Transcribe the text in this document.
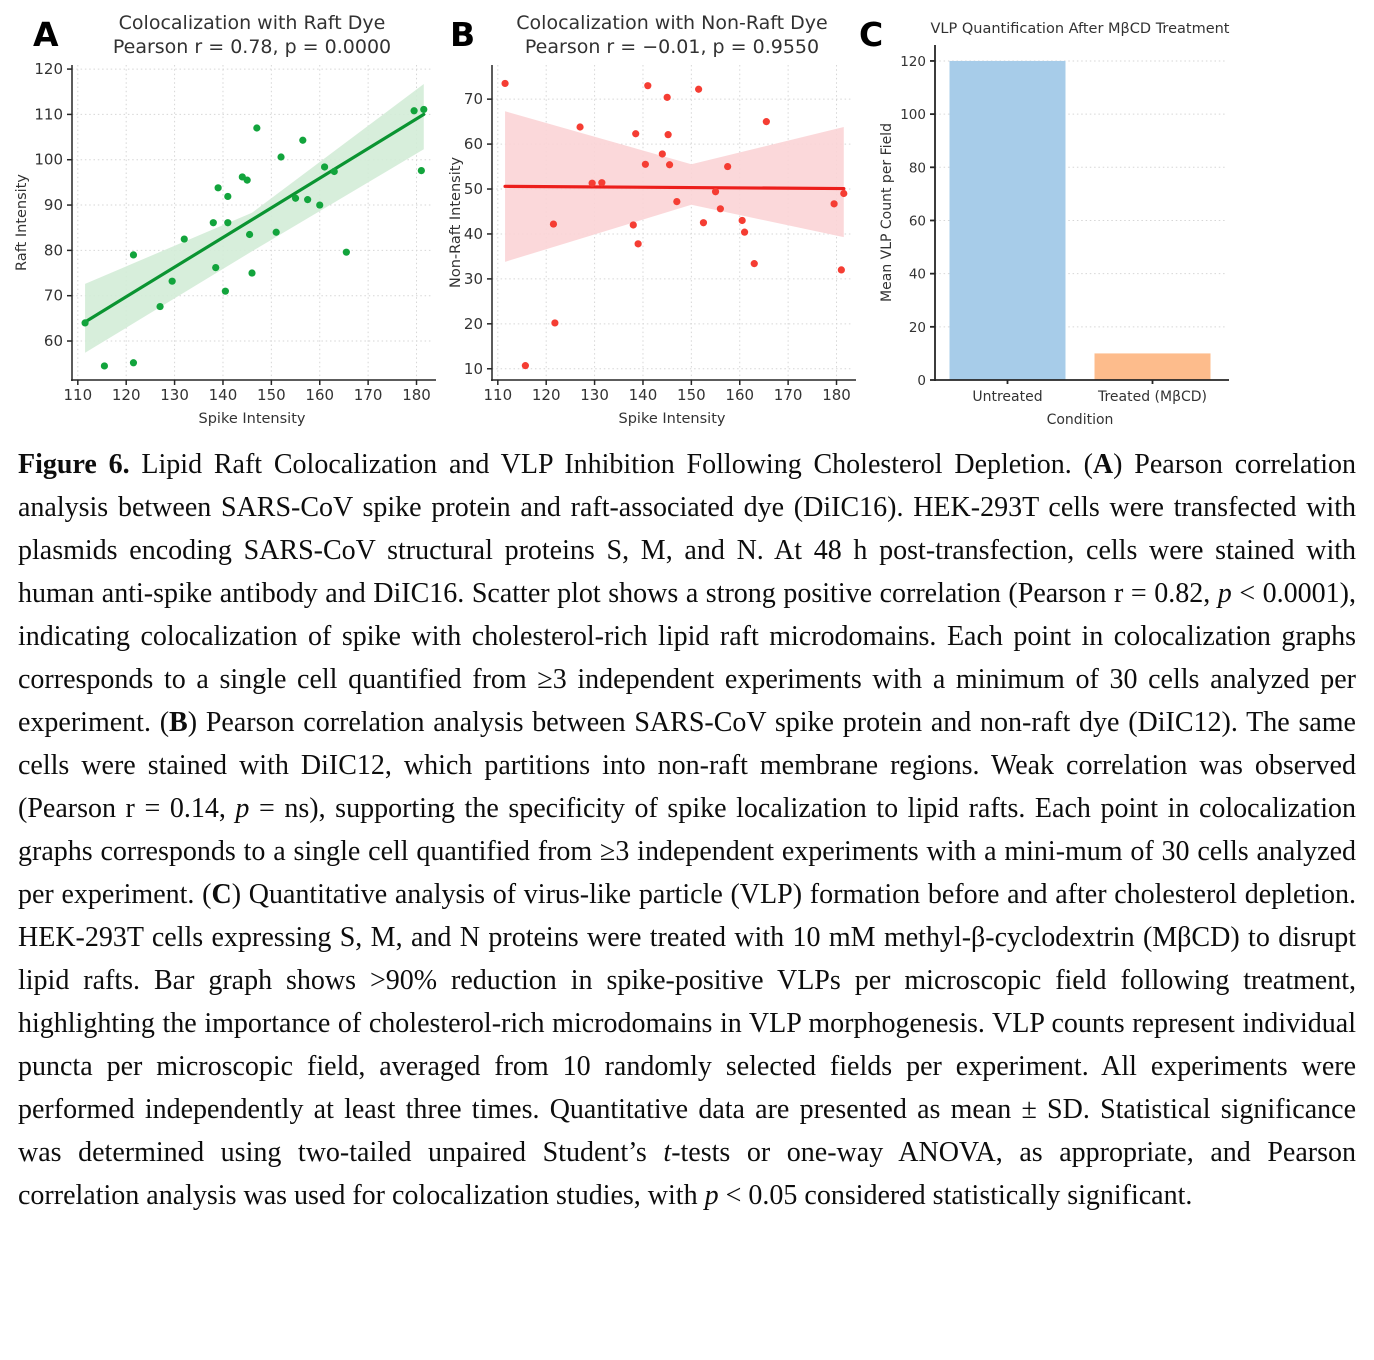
60
70
80
90
100
110
120
110 120 130 140 150 160 170 180
Spike Intensity
Raft Intensity
Colocalization with Raft Dye
Pearson r = 0.78, p = 0.0000
A
10
20
30
40
50
60
70
110 120 130 140 150 160 170 180
Spike Intensity
Non-Raft Intensity
Colocalization with Non-Raft Dye
Pearson r = −0.01, p = 0.9550
B
0
20
40
60
80
100
120
Untreated	Treated (MβCD)
Condition
Mean VLP Count per Field
VLP Quantification After MβCD Treatment
C

Figure 6. Lipid Raft Colocalization and VLP Inhibition Following Cholesterol Depletion. (A) Pearson correlation analysis between SARS-CoV spike protein and raft-associated dye (DiIC16). HEK-293T cells were transfected with plasmids encoding SARS-CoV structural proteins S, M, and N. At 48 h post-transfection, cells were stained with human anti-spike antibody and DiIC16. Scatter plot shows a strong positive correlation (Pearson r = 0.82, p < 0.0001), indicating colocalization of spike with cholesterol-rich lipid raft microdomains. Each point in colocalization graphs corresponds to a single cell quantified from ≥3 independent experiments with a minimum of 30 cells analyzed per experiment. (B) Pearson correlation analysis between SARS-CoV spike protein and non-raft dye (DiIC12). The same cells were stained with DiIC12, which partitions into non-raft membrane regions. Weak correlation was observed (Pearson r = 0.14, p = ns), supporting the specificity of spike localization to lipid rafts. Each point in colocalization graphs corresponds to a single cell quantified from ≥3 independent experiments with a mini-mum of 30 cells analyzed per experiment. (C) Quantitative analysis of virus-like particle (VLP) formation before and after cholesterol depletion. HEK-293T cells expressing S, M, and N proteins were treated with 10 mM methyl-β-cyclodextrin (MβCD) to disrupt lipid rafts. Bar graph shows >90% reduction in spike-positive VLPs per microscopic field following treatment, highlighting the importance of cholesterol-rich microdomains in VLP morphogenesis. VLP counts represent individual puncta per microscopic field, averaged from 10 randomly selected fields per experiment. All experiments were performed independently at least three times. Quantitative data are presented as mean ± SD. Statistical significance was determined using two-tailed unpaired Student’s t-tests or one-way ANOVA, as appropriate, and Pearson correlation analysis was used for colocalization studies, with p < 0.05 considered statistically significant.
